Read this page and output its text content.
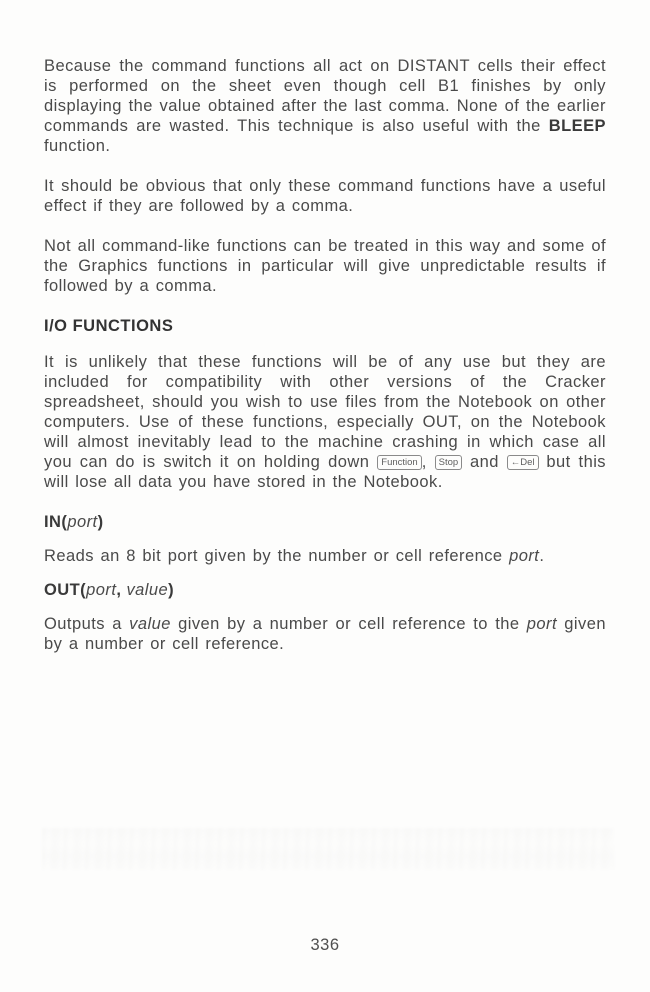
Because the command functions all act on DISTANT cells their effect is performed on the sheet even though cell B1 finishes by only displaying the value obtained after the last comma. None of the earlier commands are wasted. This technique is also useful with the BLEEP function.

It should be obvious that only these command functions have a useful effect if they are followed by a comma.

Not all command-like functions can be treated in this way and some of the Graphics functions in particular will give unpredictable results if followed by a comma.

I/O FUNCTIONS

It is unlikely that these functions will be of any use but they are included for compatibility with other versions of the Cracker spreadsheet, should you wish to use files from the Notebook on other computers. Use of these functions, especially OUT, on the Notebook will almost inevitably lead to the machine crashing in which case all you can do is switch it on holding down Function , Stop and ←Del but this will lose all data you have stored in the Notebook.

IN(port)

Reads an 8 bit port given by the number or cell reference port.

OUT(port, value)

Outputs a value given by a number or cell reference to the port given by a number or cell reference.

336
